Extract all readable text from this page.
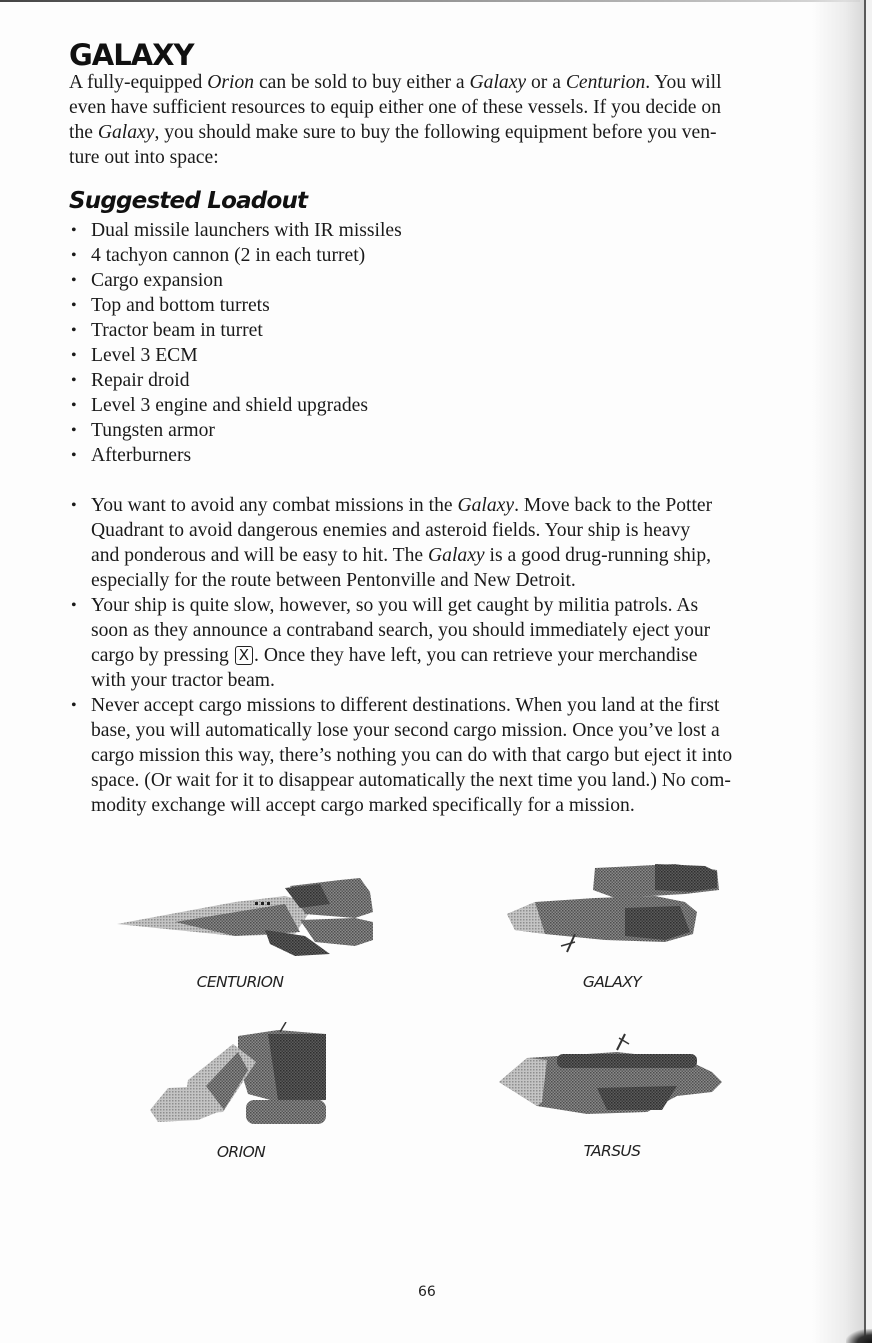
GALAXY

A fully-equipped Orion can be sold to buy either a Galaxy or a Centurion. You will
even have sufficient resources to equip either one of these vessels. If you decide on
the Galaxy, you should make sure to buy the following equipment before you ven-
ture out into space:

Suggested Loadout
• Dual missile launchers with IR missiles
• 4 tachyon cannon (2 in each turret)
• Cargo expansion
• Top and bottom turrets
• Tractor beam in turret
• Level 3 ECM
• Repair droid
• Level 3 engine and shield upgrades
• Tungsten armor
• Afterburners
• You want to avoid any combat missions in the Galaxy. Move back to the Potter
Quadrant to avoid dangerous enemies and asteroid fields. Your ship is heavy
and ponderous and will be easy to hit. The Galaxy is a good drug-running ship,
especially for the route between Pentonville and New Detroit.
• Your ship is quite slow, however, so you will get caught by militia patrols. As
soon as they announce a contraband search, you should immediately eject your
cargo by pressing X . Once they have left, you can retrieve your merchandise
with your tractor beam.
• Never accept cargo missions to different destinations. When you land at the first
base, you will automatically lose your second cargo mission. Once you’ve lost a
cargo mission this way, there’s nothing you can do with that cargo but eject it into
space. (Or wait for it to disappear automatically the next time you land.) No com-
modity exchange will accept cargo marked specifically for a mission.
CENTURION	GALAXY
ORION	TARSUS
66
